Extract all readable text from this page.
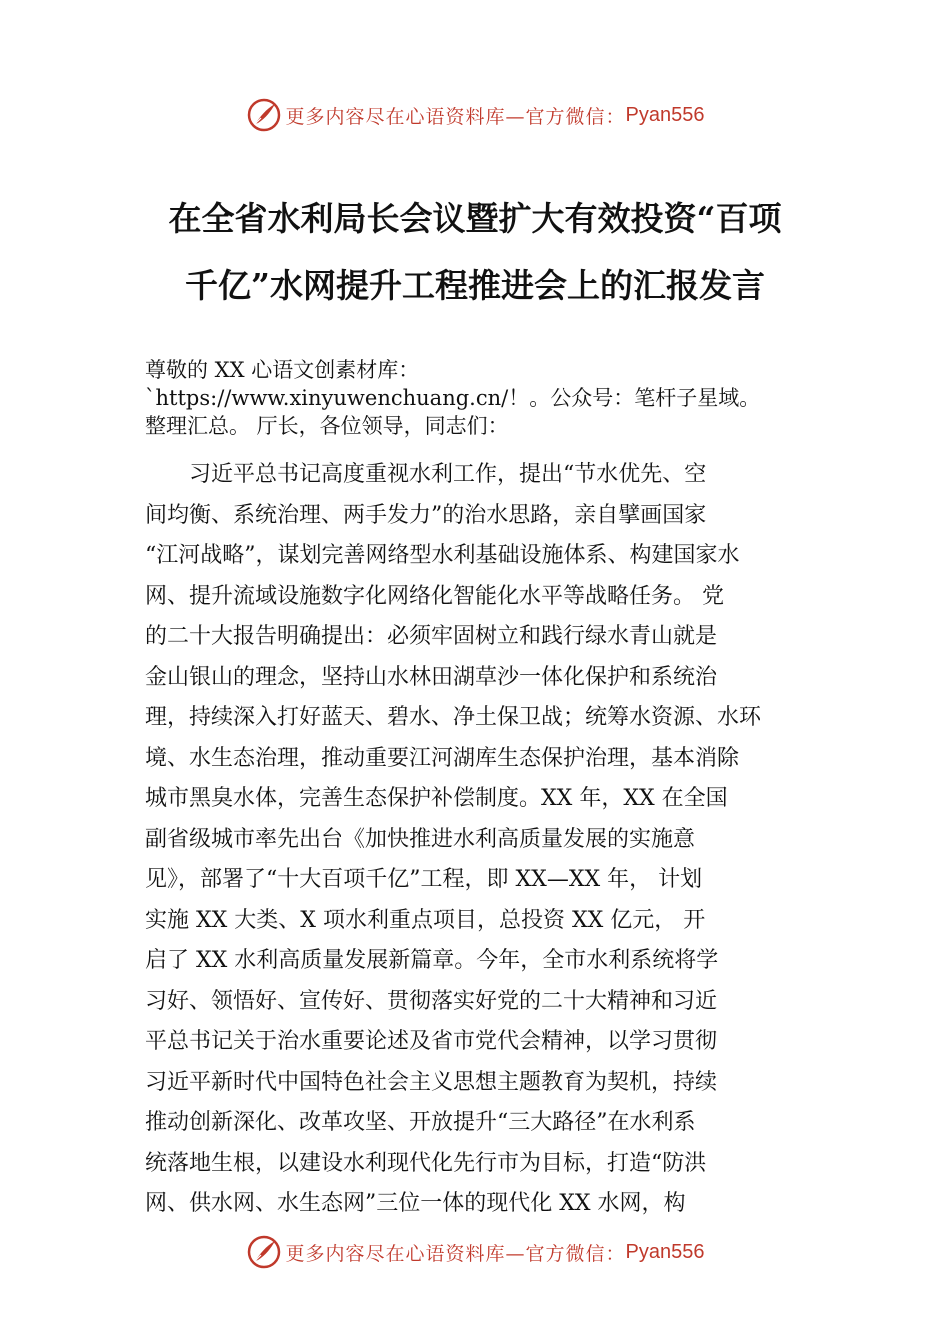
更多内容尽在心语资料库—官方微信： Pyan556
在全省水利局长会议暨扩大有效投资“百项
千亿”水网提升工程推进会上的汇报发言
尊敬的 XX 心语文创素材库：
`https://www.xinyuwenchuang.cn/！。公众号：笔杆子星域。
整理汇总。 厅长，各位领导，同志们：
习近平总书记高度重视水利工作，提出“节水优先、空
间均衡、系统治理、两手发力”的治水思路，亲自擘画国家
“江河战略”，谋划完善网络型水利基础设施体系、构建国家水
网、提升流域设施数字化网络化智能化水平等战略任务。 党
的二十大报告明确提出：必须牢固树立和践行绿水青山就是
金山银山的理念，坚持山水林田湖草沙一体化保护和系统治
理，持续深入打好蓝天、碧水、净土保卫战；统筹水资源、水环
境、水生态治理，推动重要江河湖库生态保护治理，基本消除
城市黑臭水体，完善生态保护补偿制度。XX 年，XX 在全国
副省级城市率先出台《加快推进水利高质量发展的实施意
见》，部署了“十大百项千亿”工程，即 XX—XX 年， 计划
实施 XX 大类、X 项水利重点项目，总投资 XX 亿元， 开
启了 XX 水利高质量发展新篇章。今年，全市水利系统将学
习好、领悟好、宣传好、贯彻落实好党的二十大精神和习近
平总书记关于治水重要论述及省市党代会精神，以学习贯彻
习近平新时代中国特色社会主义思想主题教育为契机，持续
推动创新深化、改革攻坚、开放提升“三大路径”在水利系
统落地生根，以建设水利现代化先行市为目标，打造“防洪
网、供水网、水生态网”三位一体的现代化 XX 水网，构
更多内容尽在心语资料库—官方微信： Pyan556
